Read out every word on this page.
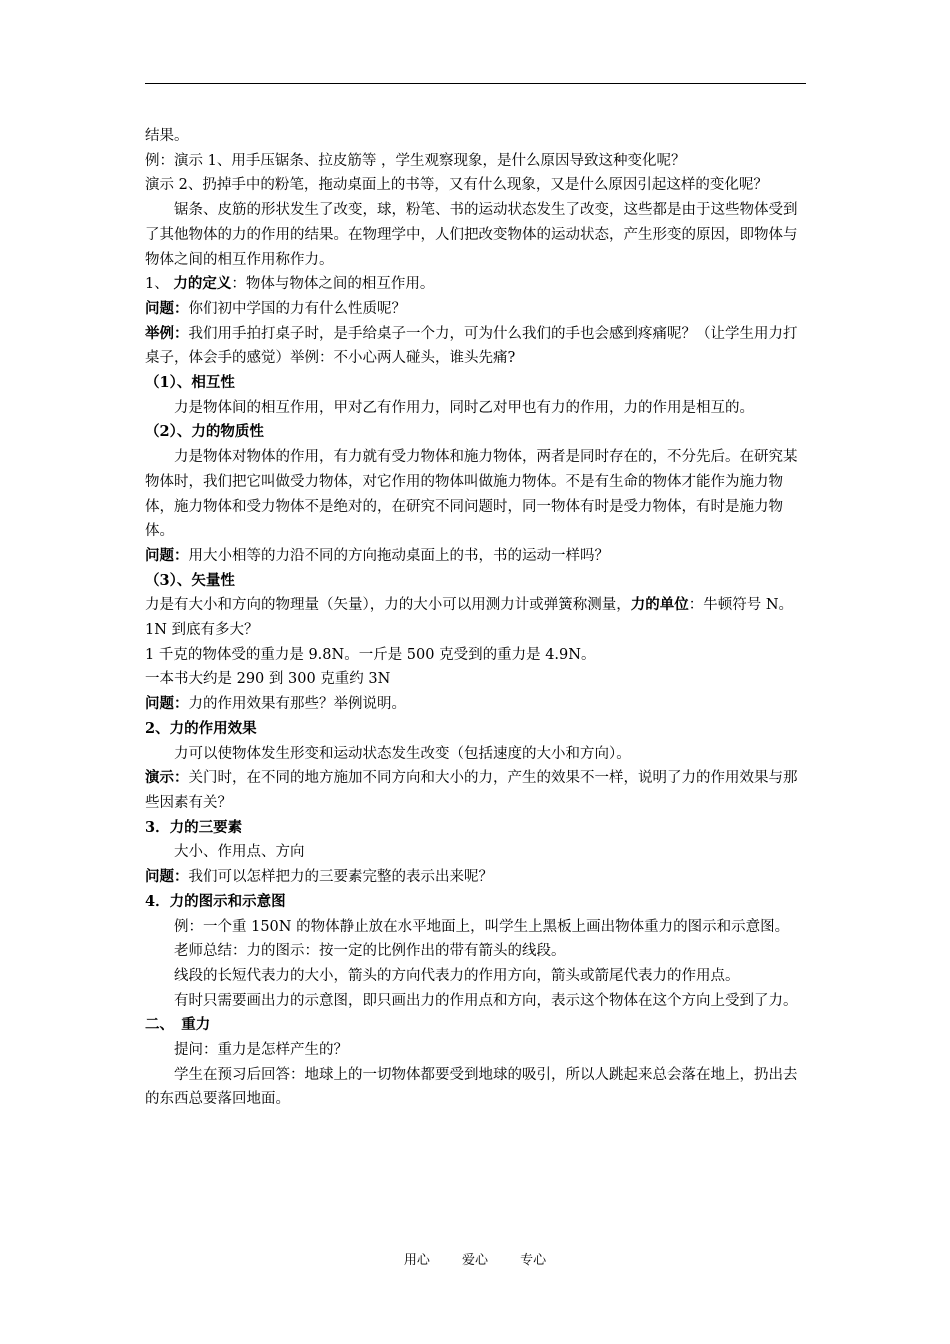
结果。

例：演示 1、用手压锯条、拉皮筋等 ，学生观察现象，是什么原因导致这种变化呢？

演示 2、扔掉手中的粉笔，拖动桌面上的书等，又有什么现象，又是什么原因引起这样的变化呢？

锯条、皮筋的形状发生了改变，球，粉笔、书的运动状态发生了改变，这些都是由于这些物体受到了其他物体的力的作用的结果。在物理学中，人们把改变物体的运动状态，产生形变的原因，即物体与物体之间的相互作用称作力。

1、 力的定义：物体与物体之间的相互作用。

问题：你们初中学国的力有什么性质呢？

举例：我们用手拍打桌子时，是手给桌子一个力，可为什么我们的手也会感到疼痛呢？（让学生用力打桌子，体会手的感觉）举例：不小心两人碰头，谁头先痛?

（1）、相互性

力是物体间的相互作用，甲对乙有作用力，同时乙对甲也有力的作用，力的作用是相互的。

（2）、力的物质性

力是物体对物体的作用，有力就有受力物体和施力物体，两者是同时存在的，不分先后。在研究某物体时，我们把它叫做受力物体，对它作用的物体叫做施力物体。不是有生命的物体才能作为施力物体，施力物体和受力物体不是绝对的，在研究不同问题时，同一物体有时是受力物体，有时是施力物体。

问题：用大小相等的力沿不同的方向拖动桌面上的书，书的运动一样吗？

（3）、矢量性

力是有大小和方向的物理量（矢量），力的大小可以用测力计或弹簧称测量，力的单位：牛顿符号 N。1N 到底有多大？

1 千克的物体受的重力是 9.8N。一斤是 500 克受到的重力是 4.9N。

一本书大约是 290 到 300 克重约 3N

问题：力的作用效果有那些？举例说明。

2、力的作用效果

力可以使物体发生形变和运动状态发生改变（包括速度的大小和方向）。

演示：关门时，在不同的地方施加不同方向和大小的力，产生的效果不一样，说明了力的作用效果与那些因素有关？

3．力的三要素

大小、作用点、方向

问题：我们可以怎样把力的三要素完整的表示出来呢？

4．力的图示和示意图

例：一个重 150N 的物体静止放在水平地面上，叫学生上黑板上画出物体重力的图示和示意图。

老师总结：力的图示：按一定的比例作出的带有箭头的线段。

线段的长短代表力的大小，箭头的方向代表力的作用方向，箭头或箭尾代表力的作用点。

有时只需要画出力的示意图，即只画出力的作用点和方向，表示这个物体在这个方向上受到了力。

二、　重力

提问：重力是怎样产生的？

学生在预习后回答：地球上的一切物体都要受到地球的吸引，所以人跳起来总会落在地上，扔出去的东西总要落回地面。

用心 爱心 专心
